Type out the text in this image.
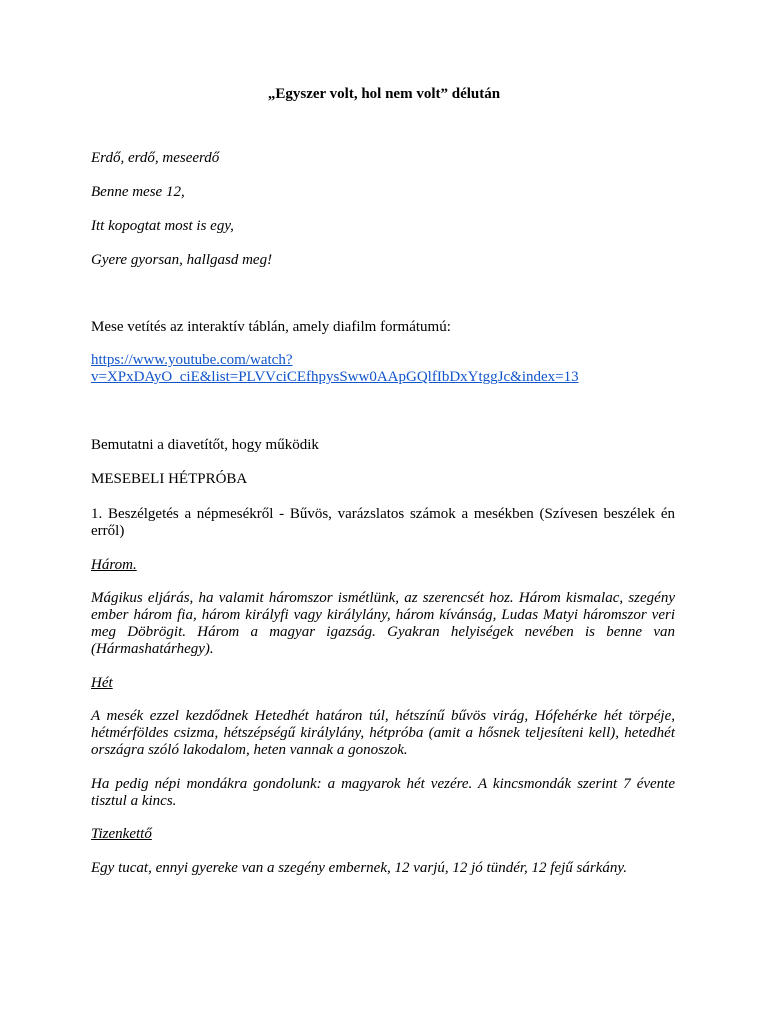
„Egyszer volt, hol nem volt” délután

Erdő, erdő, meseerdő

Benne mese 12,

Itt kopogtat most is egy,

Gyere gyorsan, hallgasd meg!

Mese vetítés az interaktív táblán, amely diafilm formátumú:

https://www.youtube.com/watch?
v=XPxDAyO_ciE&list=PLVVciCEfhpysSww0AApGQlfIbDxYtggJc&index=13

Bemutatni a diavetítőt, hogy működik

MESEBELI HÉTPRÓBA

1. Beszélgetés a népmesékről - Bűvös, varázslatos számok a mesékben (Szívesen beszélek én erről)

Három.

Mágikus eljárás, ha valamit háromszor ismétlünk, az szerencsét hoz. Három kismalac, szegény ember három fia, három királyfi vagy királylány, három kívánság, Ludas Matyi háromszor veri meg Döbrögit. Három a magyar igazság. Gyakran helyiségek nevében is benne van (Hármashatárhegy).

Hét

A mesék ezzel kezdődnek Hetedhét határon túl, hétszínű bűvös virág, Hófehérke hét törpéje, hétmérföldes csizma, hétszépségű királylány, hétpróba (amit a hősnek teljesíteni kell), hetedhét országra szóló lakodalom, heten vannak a gonoszok.

Ha pedig népi mondákra gondolunk: a magyarok hét vezére. A kincsmondák szerint 7 évente tisztul a kincs.

Tizenkettő

Egy tucat, ennyi gyereke van a szegény embernek, 12 varjú, 12 jó tündér, 12 fejű sárkány.
